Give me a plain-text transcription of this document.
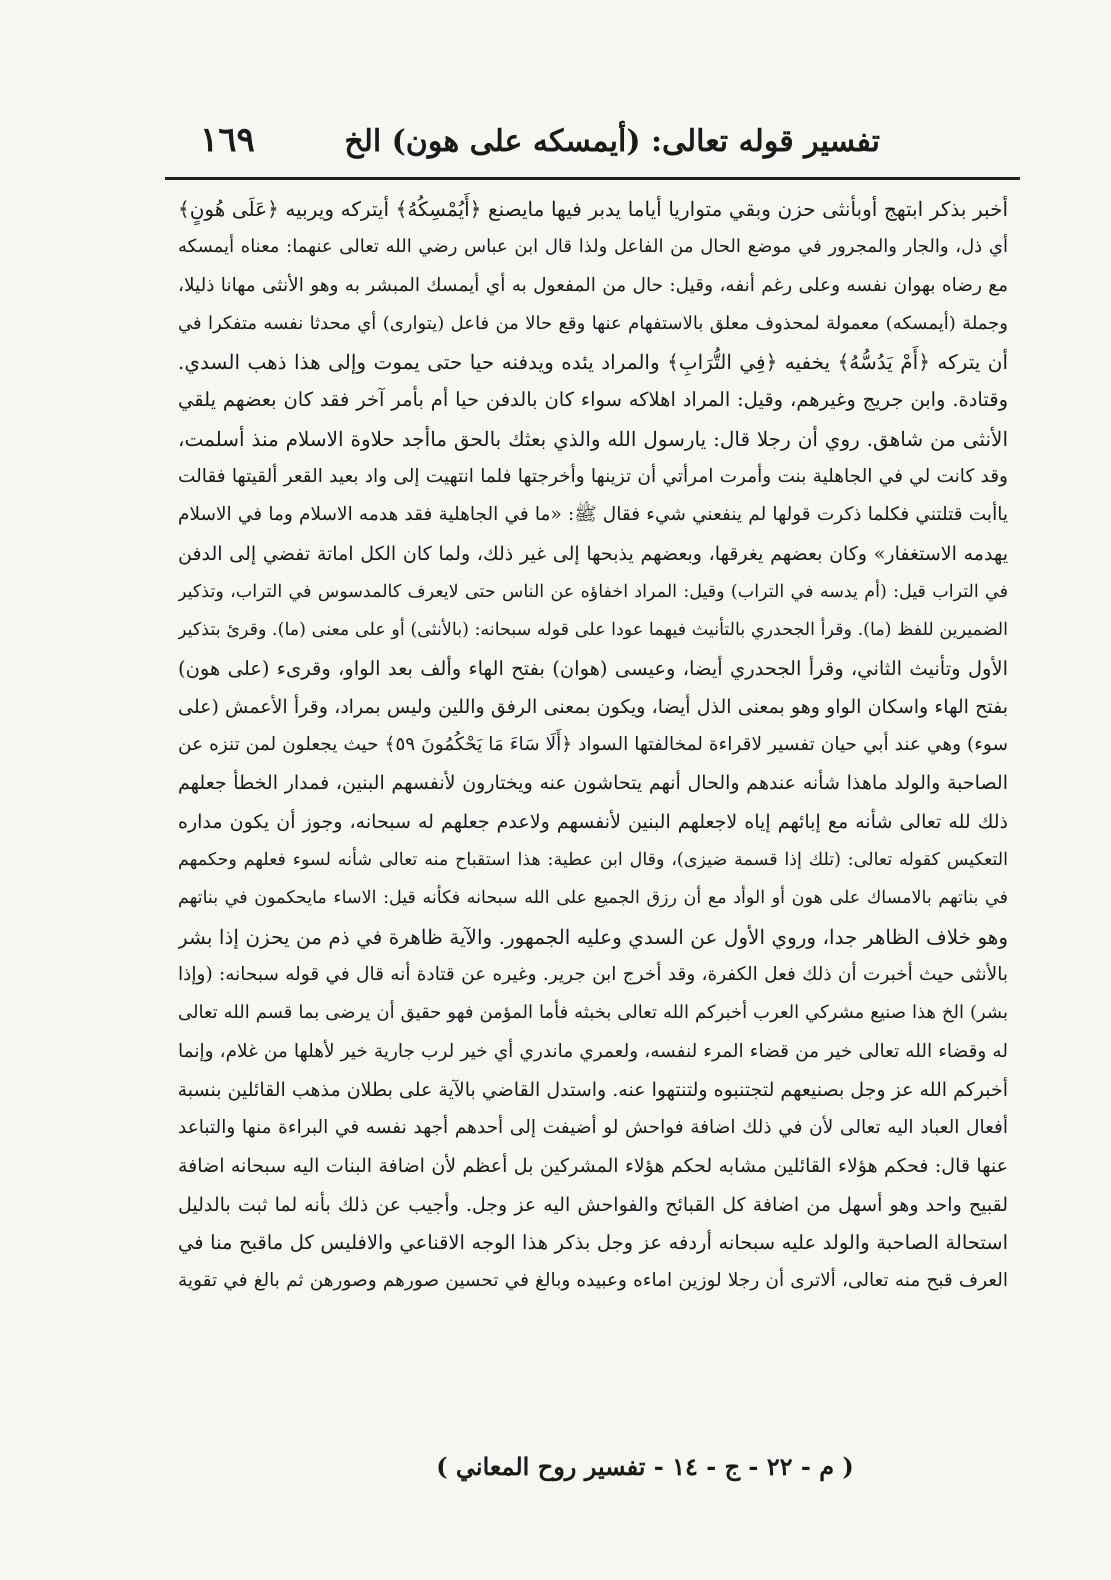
تفسير قوله تعالى: (أيمسكه على هون) الخ
١٦٩
أخبر بذكر ابتهج أوبأنثى حزن وبقي متواريا أياما يدبر فيها مايصنع ﴿أَيُمْسِكُهُ﴾ أيتركه ويربيه ﴿عَلَى هُونٍ﴾
أي ذل، والجار والمجرور في موضع الحال من الفاعل ولذا قال ابن عباس رضي الله تعالى عنهما: معناه أيمسكه
مع رضاه بهوان نفسه وعلى رغم أنفه، وقيل: حال من المفعول به أي أيمسك المبشر به وهو الأنثى مهانا ذليلا،
وجملة (أيمسكه) معمولة لمحذوف معلق بالاستفهام عنها وقع حالا من فاعل (يتوارى) أي محدثا نفسه متفكرا في
أن يتركه ﴿أَمْ يَدُسُّهُ﴾ يخفيه ﴿فِي التُّرَابِ﴾ والمراد يئده ويدفنه حيا حتى يموت وإلى هذا ذهب السدي.
وقتادة. وابن جريج وغيرهم، وقيل: المراد اهلاكه سواء كان بالدفن حيا أم بأمر آخر فقد كان بعضهم يلقي
الأنثى من شاهق. روي أن رجلا قال: يارسول الله والذي بعثك بالحق ماأجد حلاوة الاسلام منذ أسلمت،
وقد كانت لي في الجاهلية بنت وأمرت امرأتي أن تزينها وأخرجتها فلما انتهيت إلى واد بعيد القعر ألقيتها فقالت
ياأبت قتلتني فكلما ذكرت قولها لم ينفعني شيء فقال ﷺ: «ما في الجاهلية فقد هدمه الاسلام وما في الاسلام
يهدمه الاستغفار» وكان بعضهم يغرقها، وبعضهم يذبحها إلى غير ذلك، ولما كان الكل اماتة تفضي إلى الدفن
في التراب قيل: (أم يدسه في التراب) وقيل: المراد اخفاؤه عن الناس حتى لايعرف كالمدسوس في التراب، وتذكير
الضميرين للفظ (ما). وقرأ الجحدري بالتأنيث فيهما عودا على قوله سبحانه: (بالأنثى) أو على معنى (ما). وقرئ بتذكير
الأول وتأنيث الثاني، وقرأ الجحدري أيضا، وعيسى (هوان) بفتح الهاء وألف بعد الواو، وقرىء (على هون)
بفتح الهاء واسكان الواو وهو بمعنى الذل أيضا، ويكون بمعنى الرفق واللين وليس بمراد، وقرأ الأعمش (على
سوء) وهي عند أبي حيان تفسير لاقراءة لمخالفتها السواد ﴿أَلَا سَاءَ مَا يَحْكُمُونَ ٥٩﴾ حيث يجعلون لمن تنزه عن
الصاحبة والولد ماهذا شأنه عندهم والحال أنهم يتحاشون عنه ويختارون لأنفسهم البنين، فمدار الخطأ جعلهم
ذلك لله تعالى شأنه مع إبائهم إياه لاجعلهم البنين لأنفسهم ولاعدم جعلهم له سبحانه، وجوز أن يكون مداره
التعكيس كقوله تعالى: (تلك إذا قسمة ضيزى)، وقال ابن عطية: هذا استقباح منه تعالى شأنه لسوء فعلهم وحكمهم
في بناتهم بالامساك على هون أو الوأد مع أن رزق الجميع على الله سبحانه فكأنه قيل: الاساء مايحكمون في بناتهم
وهو خلاف الظاهر جدا، وروي الأول عن السدي وعليه الجمهور. والآية ظاهرة في ذم من يحزن إذا بشر
بالأنثى حيث أخبرت أن ذلك فعل الكفرة، وقد أخرج ابن جرير. وغيره عن قتادة أنه قال في قوله سبحانه: (وإذا
بشر) الخ هذا صنيع مشركي العرب أخبركم الله تعالى بخبثه فأما المؤمن فهو حقيق أن يرضى بما قسم الله تعالى
له وقضاء الله تعالى خير من قضاء المرء لنفسه، ولعمري ماندري أي خير لرب جارية خير لأهلها من غلام، وإنما
أخبركم الله عز وجل بصنيعهم لتجتنبوه ولتنتهوا عنه. واستدل القاضي بالآية على بطلان مذهب القائلين بنسبة
أفعال العباد اليه تعالى لأن في ذلك اضافة فواحش لو أضيفت إلى أحدهم أجهد نفسه في البراءة منها والتباعد
عنها قال: فحكم هؤلاء القائلين مشابه لحكم هؤلاء المشركين بل أعظم لأن اضافة البنات اليه سبحانه اضافة
لقبيح واحد وهو أسهل من اضافة كل القبائح والفواحش اليه عز وجل. وأجيب عن ذلك بأنه لما ثبت بالدليل
استحالة الصاحبة والولد عليه سبحانه أردفه عز وجل بذكر هذا الوجه الاقناعي والافليس كل ماقبح منا في
العرف قبح منه تعالى، ألاترى أن رجلا لوزين اماءه وعبيده وبالغ في تحسين صورهم وصورهن ثم بالغ في تقوية
( م - ٢٢ - ج - ١٤ - تفسير روح المعاني )
